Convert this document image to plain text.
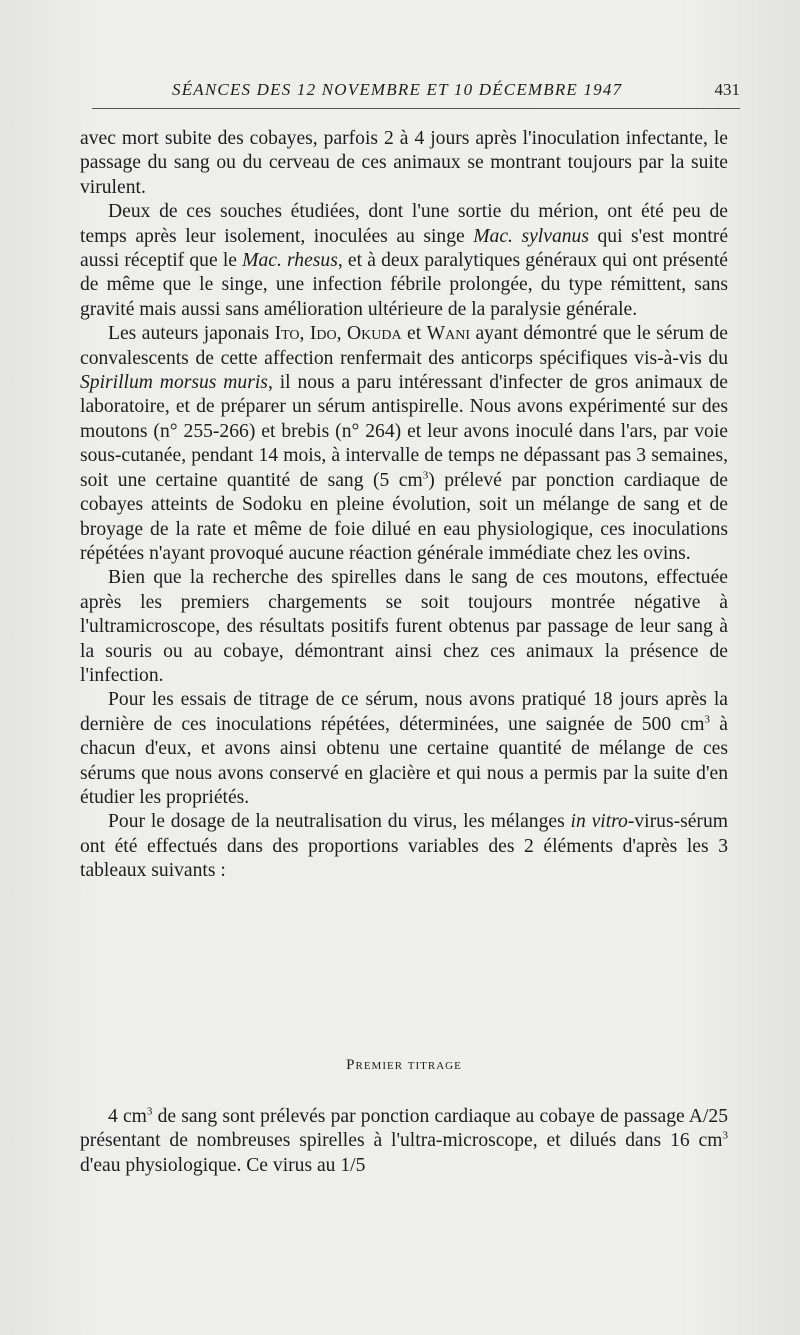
SÉANCES DES 12 NOVEMBRE ET 10 DÉCEMBRE 1947	431

avec mort subite des cobayes, parfois 2 à 4 jours après l'inoculation infectante, le passage du sang ou du cerveau de ces animaux se montrant toujours par la suite virulent.

Deux de ces souches étudiées, dont l'une sortie du mérion, ont été peu de temps après leur isolement, inoculées au singe Mac. sylvanus qui s'est montré aussi réceptif que le Mac. rhesus, et à deux paralytiques généraux qui ont présenté de même que le singe, une infection fébrile prolongée, du type rémittent, sans gravité mais aussi sans amélioration ultérieure de la paralysie générale.

Les auteurs japonais Ito, Ido, Okuda et Wani ayant démontré que le sérum de convalescents de cette affection renfermait des anticorps spécifiques vis-à-vis du Spirillum morsus muris, il nous a paru intéressant d'infecter de gros animaux de laboratoire, et de préparer un sérum antispirelle. Nous avons expérimenté sur des moutons (n° 255-266) et brebis (n° 264) et leur avons inoculé dans l'ars, par voie sous-cutanée, pendant 14 mois, à intervalle de temps ne dépassant pas 3 semaines, soit une certaine quantité de sang (5 $cm^3$) prélevé par ponction cardiaque de cobayes atteints de Sodoku en pleine évolution, soit un mélange de sang et de broyage de la rate et même de foie dilué en eau physiologique, ces inoculations répétées n'ayant provoqué aucune réaction générale immédiate chez les ovins.

Bien que la recherche des spirelles dans le sang de ces moutons, effectuée après les premiers chargements se soit toujours montrée négative à l'ultramicroscope, des résultats positifs furent obtenus par passage de leur sang à la souris ou au cobaye, démontrant ainsi chez ces animaux la présence de l'infection.

Pour les essais de titrage de ce sérum, nous avons pratiqué 18 jours après la dernière de ces inoculations répétées, déterminées, une saignée de 500 $cm^3$ à chacun d'eux, et avons ainsi obtenu une certaine quantité de mélange de ces sérums que nous avons conservé en glacière et qui nous a permis par la suite d'en étudier les propriétés.

Pour le dosage de la neutralisation du virus, les mélanges in vitro-virus-sérum ont été effectués dans des proportions variables des 2 éléments d'après les 3 tableaux suivants :

Premier titrage

4 $cm^3$ de sang sont prélevés par ponction cardiaque au cobaye de passage A/25 présentant de nombreuses spirelles à l'ultra-microscope, et dilués dans 16 $cm^3$ d'eau physiologique. Ce virus au 1/5
